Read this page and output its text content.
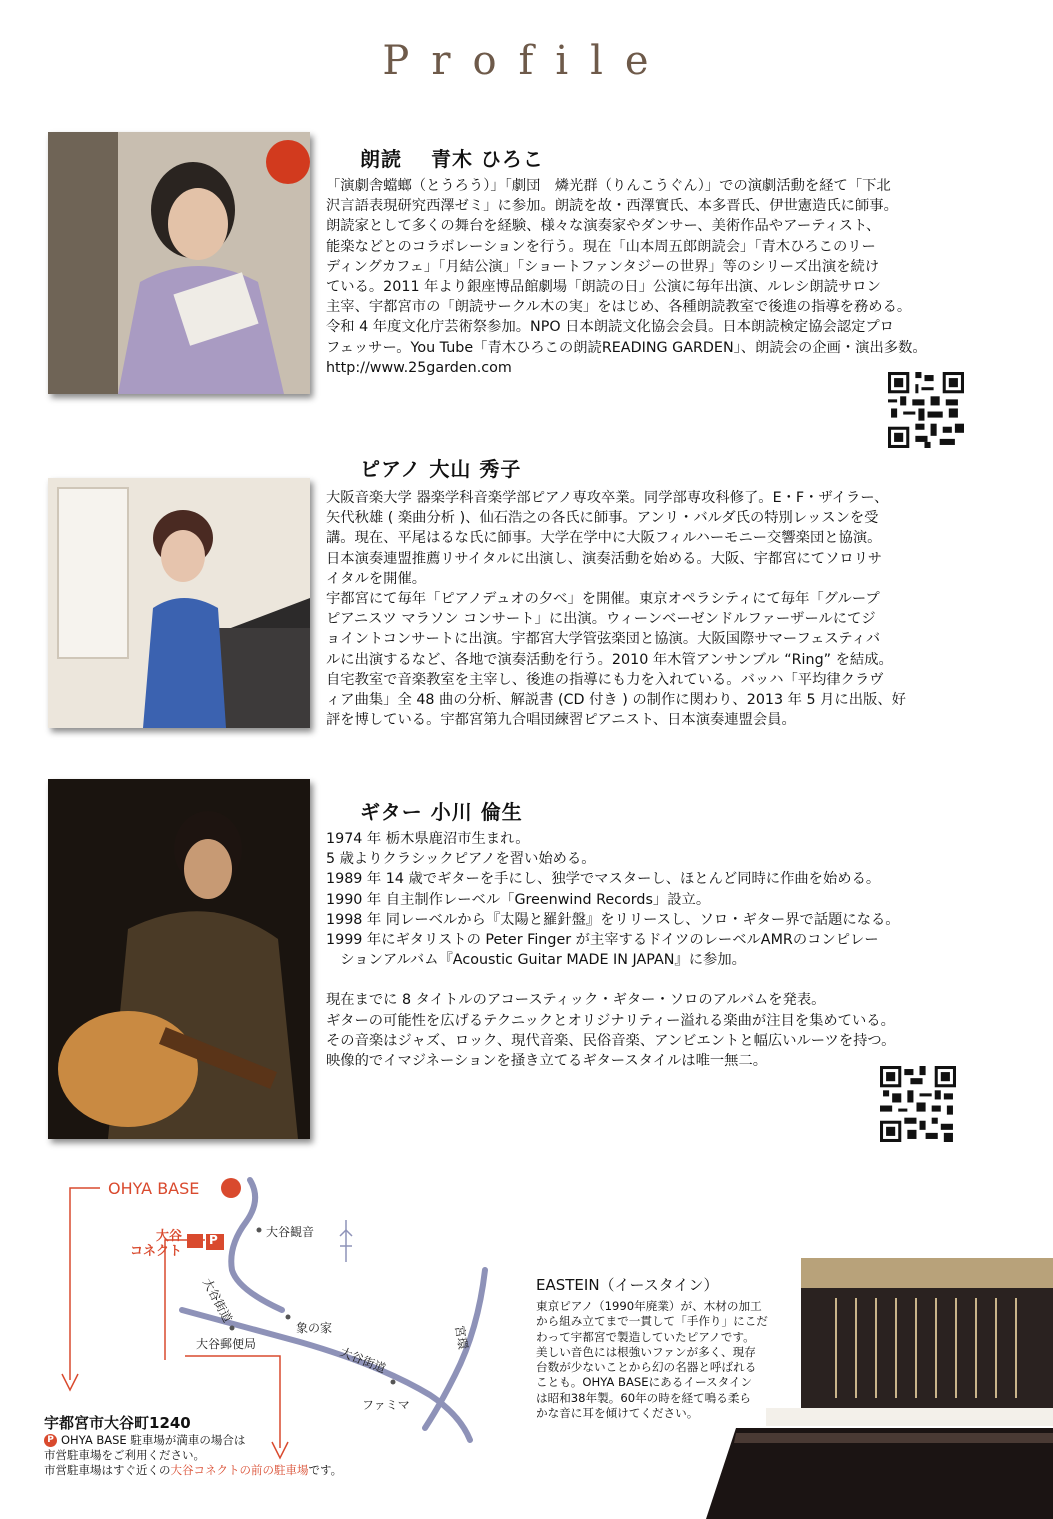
Profile
朗読　 青木 ひろこ

「演劇舎蟷螂（とうろう）」「劇団　燐光群（りんこうぐん）」での演劇活動を経て「下北

沢言語表現研究西澤ゼミ」に参加。朗読を故・西澤實氏、本多晋氏、伊世憲造氏に師事。

朗読家として多くの舞台を経験、様々な演奏家やダンサー、美術作品やアーティスト、

能楽などとのコラボレーションを行う。現在「山本周五郎朗読会」「青木ひろこのリー

ディングカフェ」「月結公演」「ショートファンタジーの世界」等のシリーズ出演を続け

ている。2011 年より銀座博品館劇場「朗読の日」公演に毎年出演、ルレシ朗読サロン

主宰、宇都宮市の「朗読サークル木の実」をはじめ、各種朗読教室で後進の指導を務める。

令和 4 年度文化庁芸術祭参加。NPO 日本朗読文化協会会員。日本朗読検定協会認定プロ

フェッサー。You Tube「青木ひろこの朗読READING GARDEN」、朗読会の企画・演出多数。

http://www.25garden.com

ピアノ 大山 秀子

大阪音楽大学 器楽学科音楽学部ピアノ専攻卒業。同学部専攻科修了。E・F・ザイラー、

矢代秋雄 ( 楽曲分析 )、仙石浩之の各氏に師事。アンリ・バルダ氏の特別レッスンを受

講。現在、平尾はるな氏に師事。大学在学中に大阪フィルハーモニー交響楽団と協演。

日本演奏連盟推薦リサイタルに出演し、演奏活動を始める。大阪、宇都宮にてソロリサ

イタルを開催。

宇都宮にて毎年「ピアノデュオの夕べ」を開催。東京オペラシティにて毎年「グループ

ピアニスツ マラソン コンサート」に出演。ウィーンベーゼンドルファーザールにてジ

ョイントコンサートに出演。宇都宮大学管弦楽団と協演。大阪国際サマーフェスティバ

ルに出演するなど、各地で演奏活動を行う。2010 年木管アンサンブル “Ring” を結成。

自宅教室で音楽教室を主宰し、後進の指導にも力を入れている。バッハ「平均律クラヴ

ィア曲集」全 48 曲の分析、解説書 (CD 付き ) の制作に関わり、2013 年 5 月に出版、好

評を博している。宇都宮第九合唱団練習ピアニスト、日本演奏連盟会員。

ギター 小川 倫生

1974 年 栃木県鹿沼市生まれ。

5 歳よりクラシックピアノを習い始める。

1989 年 14 歳でギターを手にし、独学でマスターし、ほとんど同時に作曲を始める。

1990 年 自主制作レーベル「Greenwind Records」設立。

1998 年 同レーベルから『太陽と羅針盤』をリリースし、ソロ・ギター界で話題になる。

1999 年にギタリストの Peter Finger が主宰するドイツのレーベルAMRのコンピレー

　ションアルバム『Acoustic Guitar MADE IN JAPAN』に参加。

現在までに 8 タイトルのアコースティック・ギター・ソロのアルバムを発表。

ギターの可能性を広げるテクニックとオリジナリティー溢れる楽曲が注目を集めている。

その音楽はジャズ、ロック、現代音楽、民俗音楽、アンビエントと幅広いルーツを持つ。

映像的でイマジネーションを掻き立てるギタースタイルは唯一無二。

OHYA BASE
大谷
コネクト
P
大谷観音
大谷街道
象の家
大谷郵便局
大谷街道
ファミマ
宮環
宇都宮市大谷町1240
P OHYA BASE 駐車場が満車の場合は
市営駐車場をご利用ください。
市営駐車場はすぐ近くの大谷コネクトの前の駐車場です。
EASTEIN（イースタイン）
東京ピアノ（1990年廃業）が、木材の加工
から組み立てまで一貫して「手作り」にこだ
わって宇都宮で製造していたピアノです。
美しい音色には根強いファンが多く、現存
台数が少ないことから幻の名器と呼ばれる
ことも。OHYA BASEにあるイースタイン
は昭和38年製。60年の時を経て鳴る柔ら
かな音に耳を傾けてください。
